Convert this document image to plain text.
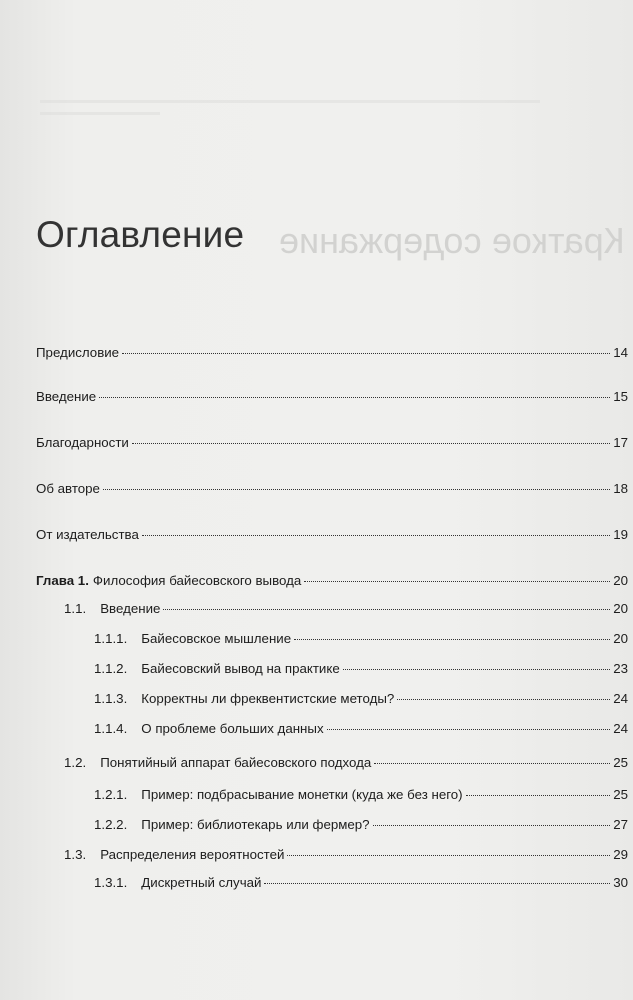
Краткое содержание
Оглавление
Предисловие	14
Введение	15
Благодарности	17
Об авторе	18
От издательства	19
Глава 1. Философия байесовского вывода	20
1.1. Введение	20
1.1.1. Байесовское мышление	20
1.1.2. Байесовский вывод на практике	23
1.1.3. Корректны ли фреквентистские методы?	24
1.1.4. О проблеме больших данных	24
1.2. Понятийный аппарат байесовского подхода	25
1.2.1. Пример: подбрасывание монетки (куда же без него)	25
1.2.2. Пример: библиотекарь или фермер?	27
1.3. Распределения вероятностей	29
1.3.1. Дискретный случай	30
